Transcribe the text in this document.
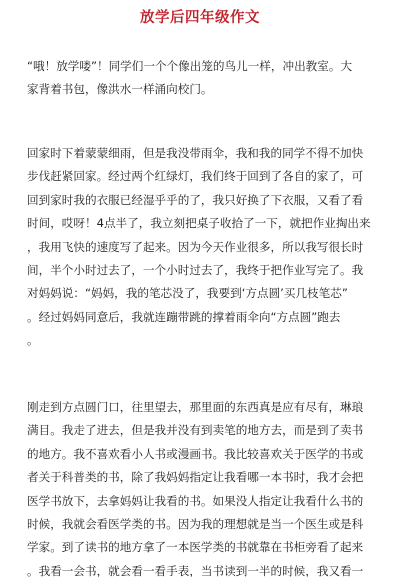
放学后四年级作文
“哦！放学喽”！同学们一个个像出笼的鸟儿一样，冲出教室。大
家背着书包，像洪水一样涌向校门。
回家时下着蒙蒙细雨，但是我没带雨伞，我和我的同学不得不加快
步伐赶紧回家。经过两个红绿灯，我们终于回到了各自的家了，可
回到家时我的衣服已经湿乎乎的了，我只好换了下衣服，又看了看
时间，哎呀！4点半了，我立刻把桌子收拾了一下，就把作业掏出来
，我用飞快的速度写了起来。因为今天作业很多，所以我写很长时
间，半个小时过去了，一个小时过去了，我终于把作业写完了。我
对妈妈说：“妈妈，我的笔芯没了，我要到‘方点圆’买几枝笔芯”
。经过妈妈同意后，我就连蹦带跳的撑着雨伞向“方点圆”跑去
。
刚走到方点圆门口，往里望去，那里面的东西真是应有尽有，琳琅
满目。我走了进去，但是我并没有到卖笔的地方去，而是到了卖书
的地方。我不喜欢看小人书或漫画书。我比较喜欢关于医学的书或
者关于科普类的书，除了我妈妈指定让我看哪一本书时，我才会把
医学书放下，去拿妈妈让我看的书。如果没人指定让我看什么书的
时候，我就会看医学类的书。因为我的理想就是当一个医生或是科
学家。到了读书的地方拿了一本医学类的书就靠在书柜旁看了起来
。我看一会书，就会看一看手表，当书读到一半的时候，我又看一
